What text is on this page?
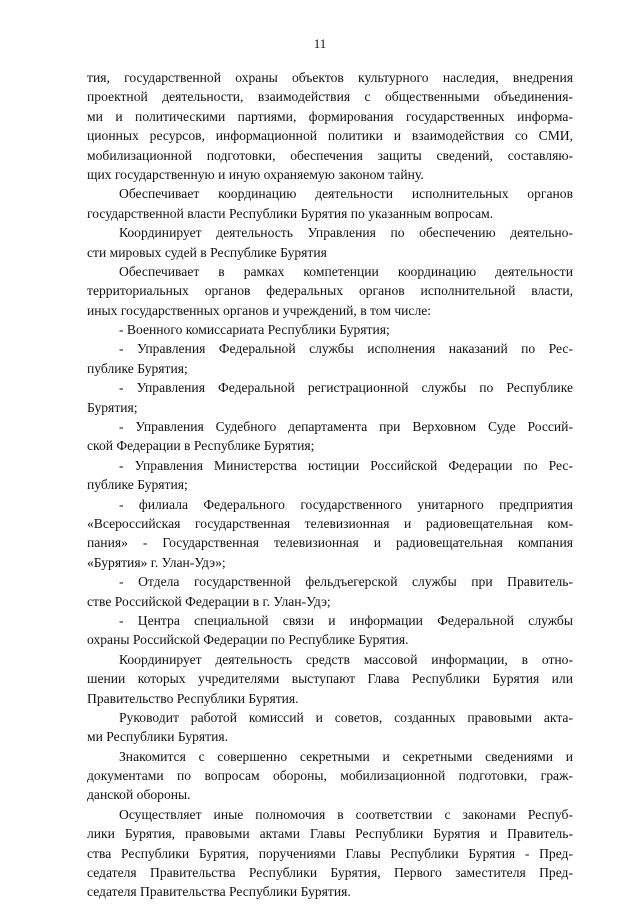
11
тия, государственной охраны объектов культурного наследия, внедрения
проектной деятельности, взаимодействия с общественными объединения-
ми и политическими партиями, формирования государственных информа-
ционных ресурсов, информационной политики и взаимодействия со СМИ,
мобилизационной подготовки, обеспечения защиты сведений, составляю-
щих государственную и иную охраняемую законом тайну.
Обеспечивает координацию деятельности исполнительных органов
государственной власти Республики Бурятия по указанным вопросам.
Координирует деятельность Управления по обеспечению деятельно-
сти мировых судей в Республике Бурятия
Обеспечивает в рамках компетенции координацию деятельности
территориальных органов федеральных органов исполнительной власти,
иных государственных органов и учреждений, в том числе:
- Военного комиссариата Республики Бурятия;
- Управления Федеральной службы исполнения наказаний по Рес-
публике Бурятия;
- Управления Федеральной регистрационной службы по Республике
Бурятия;
- Управления Судебного департамента при Верховном Суде Россий-
ской Федерации в Республике Бурятия;
- Управления Министерства юстиции Российской Федерации по Рес-
публике Бурятия;
- филиала Федерального государственного унитарного предприятия
«Всероссийская государственная телевизионная и радиовещательная ком-
пания» - Государственная телевизионная и радиовещательная компания
«Бурятия» г. Улан-Удэ»;
- Отдела государственной фельдъегерской службы при Правитель-
стве Российской Федерации в г. Улан-Удэ;
- Центра специальной связи и информации Федеральной службы
охраны Российской Федерации по Республике Бурятия.
Координирует деятельность средств массовой информации, в отно-
шении которых учредителями выступают Глава Республики Бурятия или
Правительство Республики Бурятия.
Руководит работой комиссий и советов, созданных правовыми акта-
ми Республики Бурятия.
Знакомится с совершенно секретными и секретными сведениями и
документами по вопросам обороны, мобилизационной подготовки, граж-
данской обороны.
Осуществляет иные полномочия в соответствии с законами Респуб-
лики Бурятия, правовыми актами Главы Республики Бурятия и Правитель-
ства Республики Бурятия, поручениями Главы Республики Бурятия - Пред-
седателя Правительства Республики Бурятия, Первого заместителя Пред-
седателя Правительства Республики Бурятия.
